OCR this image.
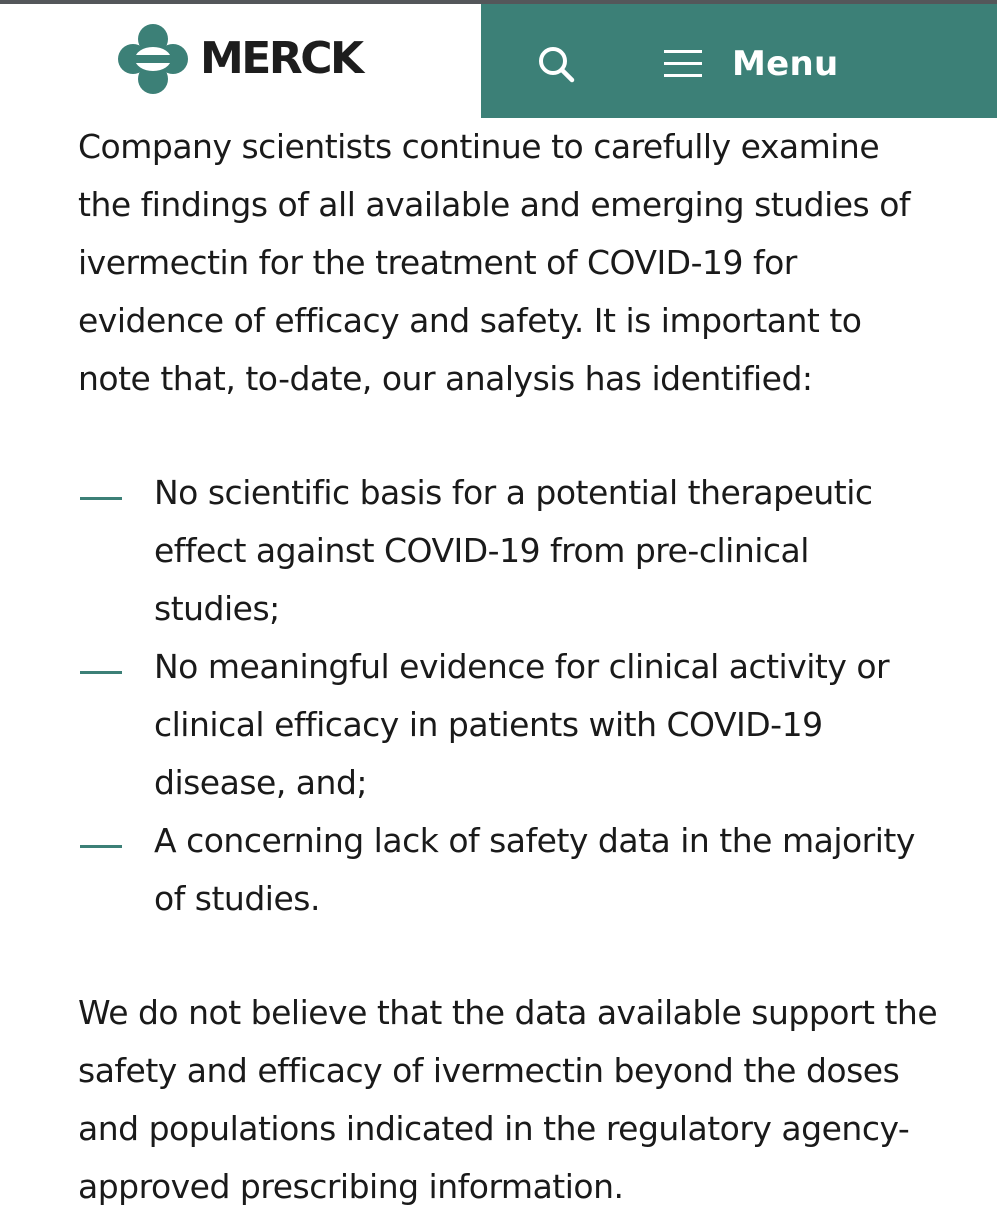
MERCK	Menu

Company scientists continue to carefully examine the findings of all available and emerging studies of ivermectin for the treatment of COVID-19 for evidence of efficacy and safety. It is important to note that, to-date, our analysis has identified:

No scientific basis for a potential therapeutic effect against COVID-19 from pre-clinical studies;
No meaningful evidence for clinical activity or clinical efficacy in patients with COVID-19 disease, and;
A concerning lack of safety data in the majority of studies.

We do not believe that the data available support the safety and efficacy of ivermectin beyond the doses and populations indicated in the regulatory agency-approved prescribing information.
